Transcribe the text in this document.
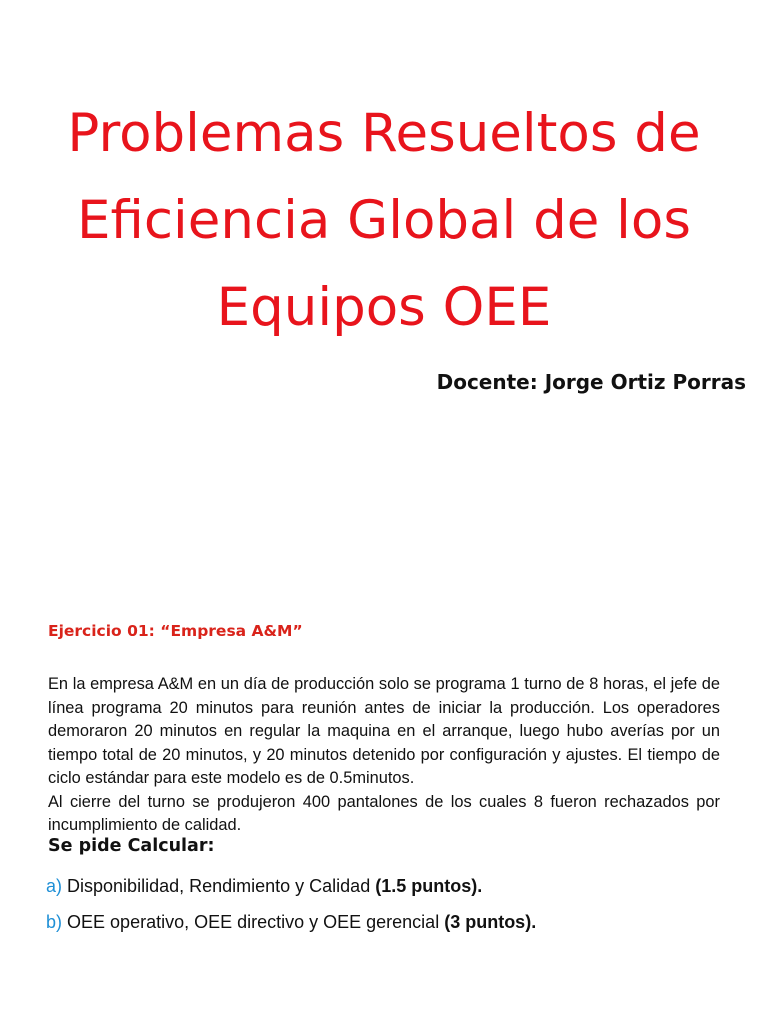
Problemas Resueltos de
Eficiencia Global de los
Equipos OEE
Docente: Jorge Ortiz Porras
Ejercicio 01: “Empresa A&M”

En la empresa A&M en un día de producción solo se programa 1 turno de 8 horas, el jefe de línea programa 20 minutos para reunión antes de iniciar la producción. Los operadores demoraron 20 minutos en regular la maquina en el arranque, luego hubo averías por un tiempo total de 20 minutos, y 20 minutos detenido por configuración y ajustes. El tiempo de ciclo estándar para este modelo es de 0.5minutos.

Al cierre del turno se produjeron 400 pantalones de los cuales 8 fueron rechazados por incumplimiento de calidad.

Se pide Calcular:
a) Disponibilidad, Rendimiento y Calidad (1.5 puntos).
b) OEE operativo, OEE directivo y OEE gerencial (3 puntos).
